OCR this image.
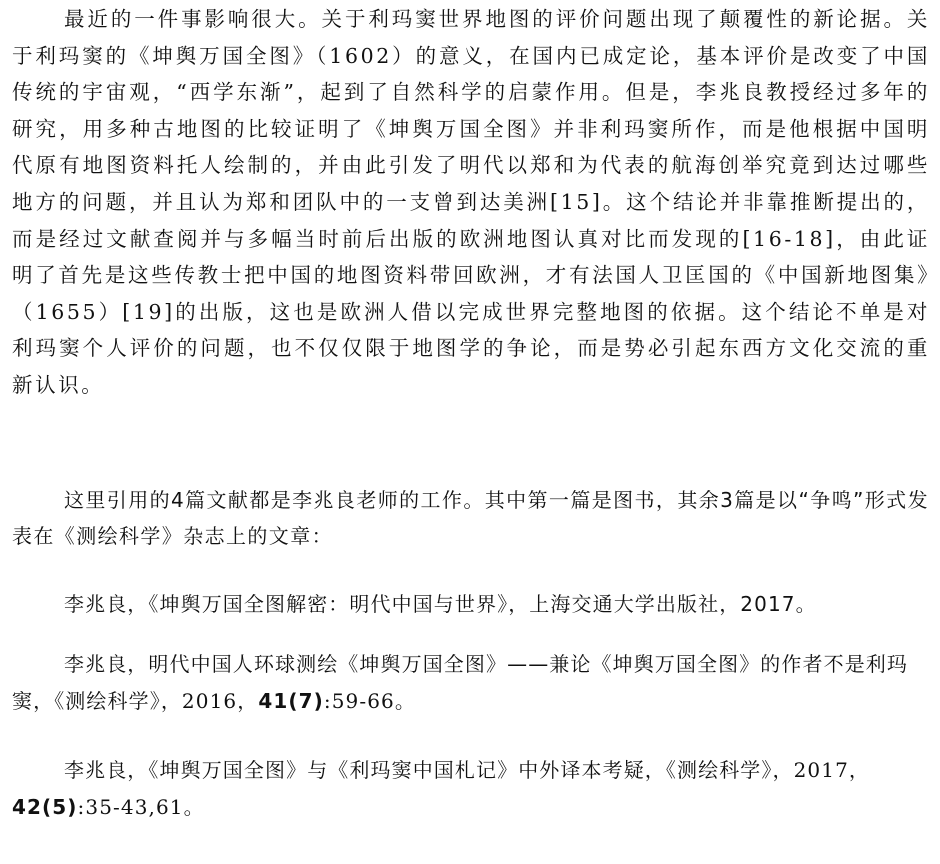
最近的一件事影响很大。关于利玛窦世界地图的评价问题出现了颠覆性的新论据。关于利玛窦的《坤舆万国全图》（1602）的意义，在国内已成定论，基本评价是改变了中国传统的宇宙观，“西学东渐”，起到了自然科学的启蒙作用。但是，李兆良教授经过多年的研究，用多种古地图的比较证明了《坤舆万国全图》并非利玛窦所作，而是他根据中国明代原有地图资料托人绘制的，并由此引发了明代以郑和为代表的航海创举究竟到达过哪些地方的问题，并且认为郑和团队中的一支曾到达美洲[15]。这个结论并非靠推断提出的，而是经过文献查阅并与多幅当时前后出版的欧洲地图认真对比而发现的[16-18]，由此证明了首先是这些传教士把中国的地图资料带回欧洲，才有法国人卫匡国的《中国新地图集》（1655）[19]的出版，这也是欧洲人借以完成世界完整地图的依据。这个结论不单是对利玛窦个人评价的问题，也不仅仅限于地图学的争论，而是势必引起东西方文化交流的重新认识。

这里引用的4篇文献都是李兆良老师的工作。其中第一篇是图书，其余3篇是以“争鸣”形式发表在《测绘科学》杂志上的文章：

李兆良，《坤舆万国全图解密：明代中国与世界》，上海交通大学出版社，2017。

李兆良，明代中国人环球测绘《坤舆万国全图》——兼论《坤舆万国全图》的作者不是利玛窦，《测绘科学》，2016，41(7):59-66。

李兆良，《坤舆万国全图》与《利玛窦中国札记》中外译本考疑，《测绘科学》，2017，42(5):35-43,61。
